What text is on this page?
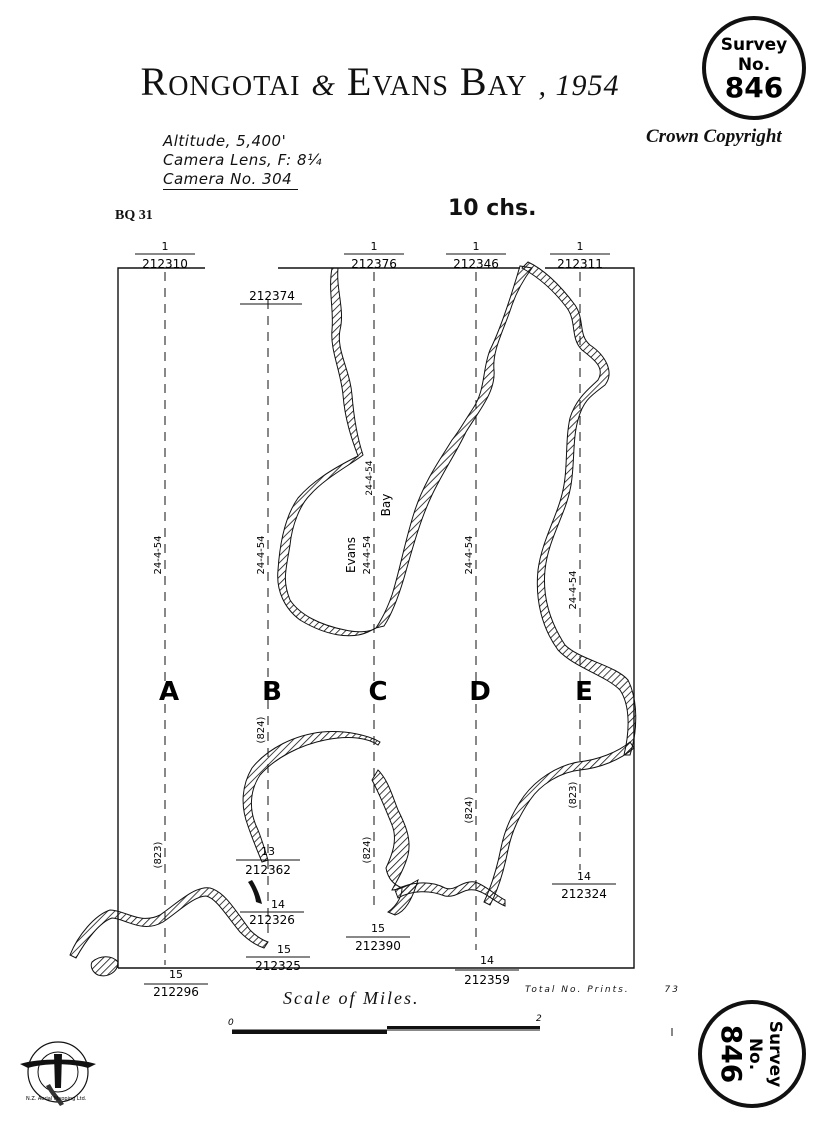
Rongotai & Evans Bay , 1954
Crown Copyright
Altitude, 5,400'
Camera Lens, F: 8¼
Camera No. 304
BQ 31	10 chs.
Survey
No.
846
Survey
No.
846
1
212310
A
24-4-54
(823)
15
212296
212374
B
24-4-54
(824)
13
212362
1
212376
C
24-4-54
(824)
15
212390
1
212346
D
24-4-54
(824)
14
212359
1
212311
E
24-4-54
(823)
14
212324
14
212326
15
212325
Evans
Bay
24-4-54
0	2
N.Z. Aerial Mapping Ltd.
Scale of Miles.	Total No. Prints.	73
